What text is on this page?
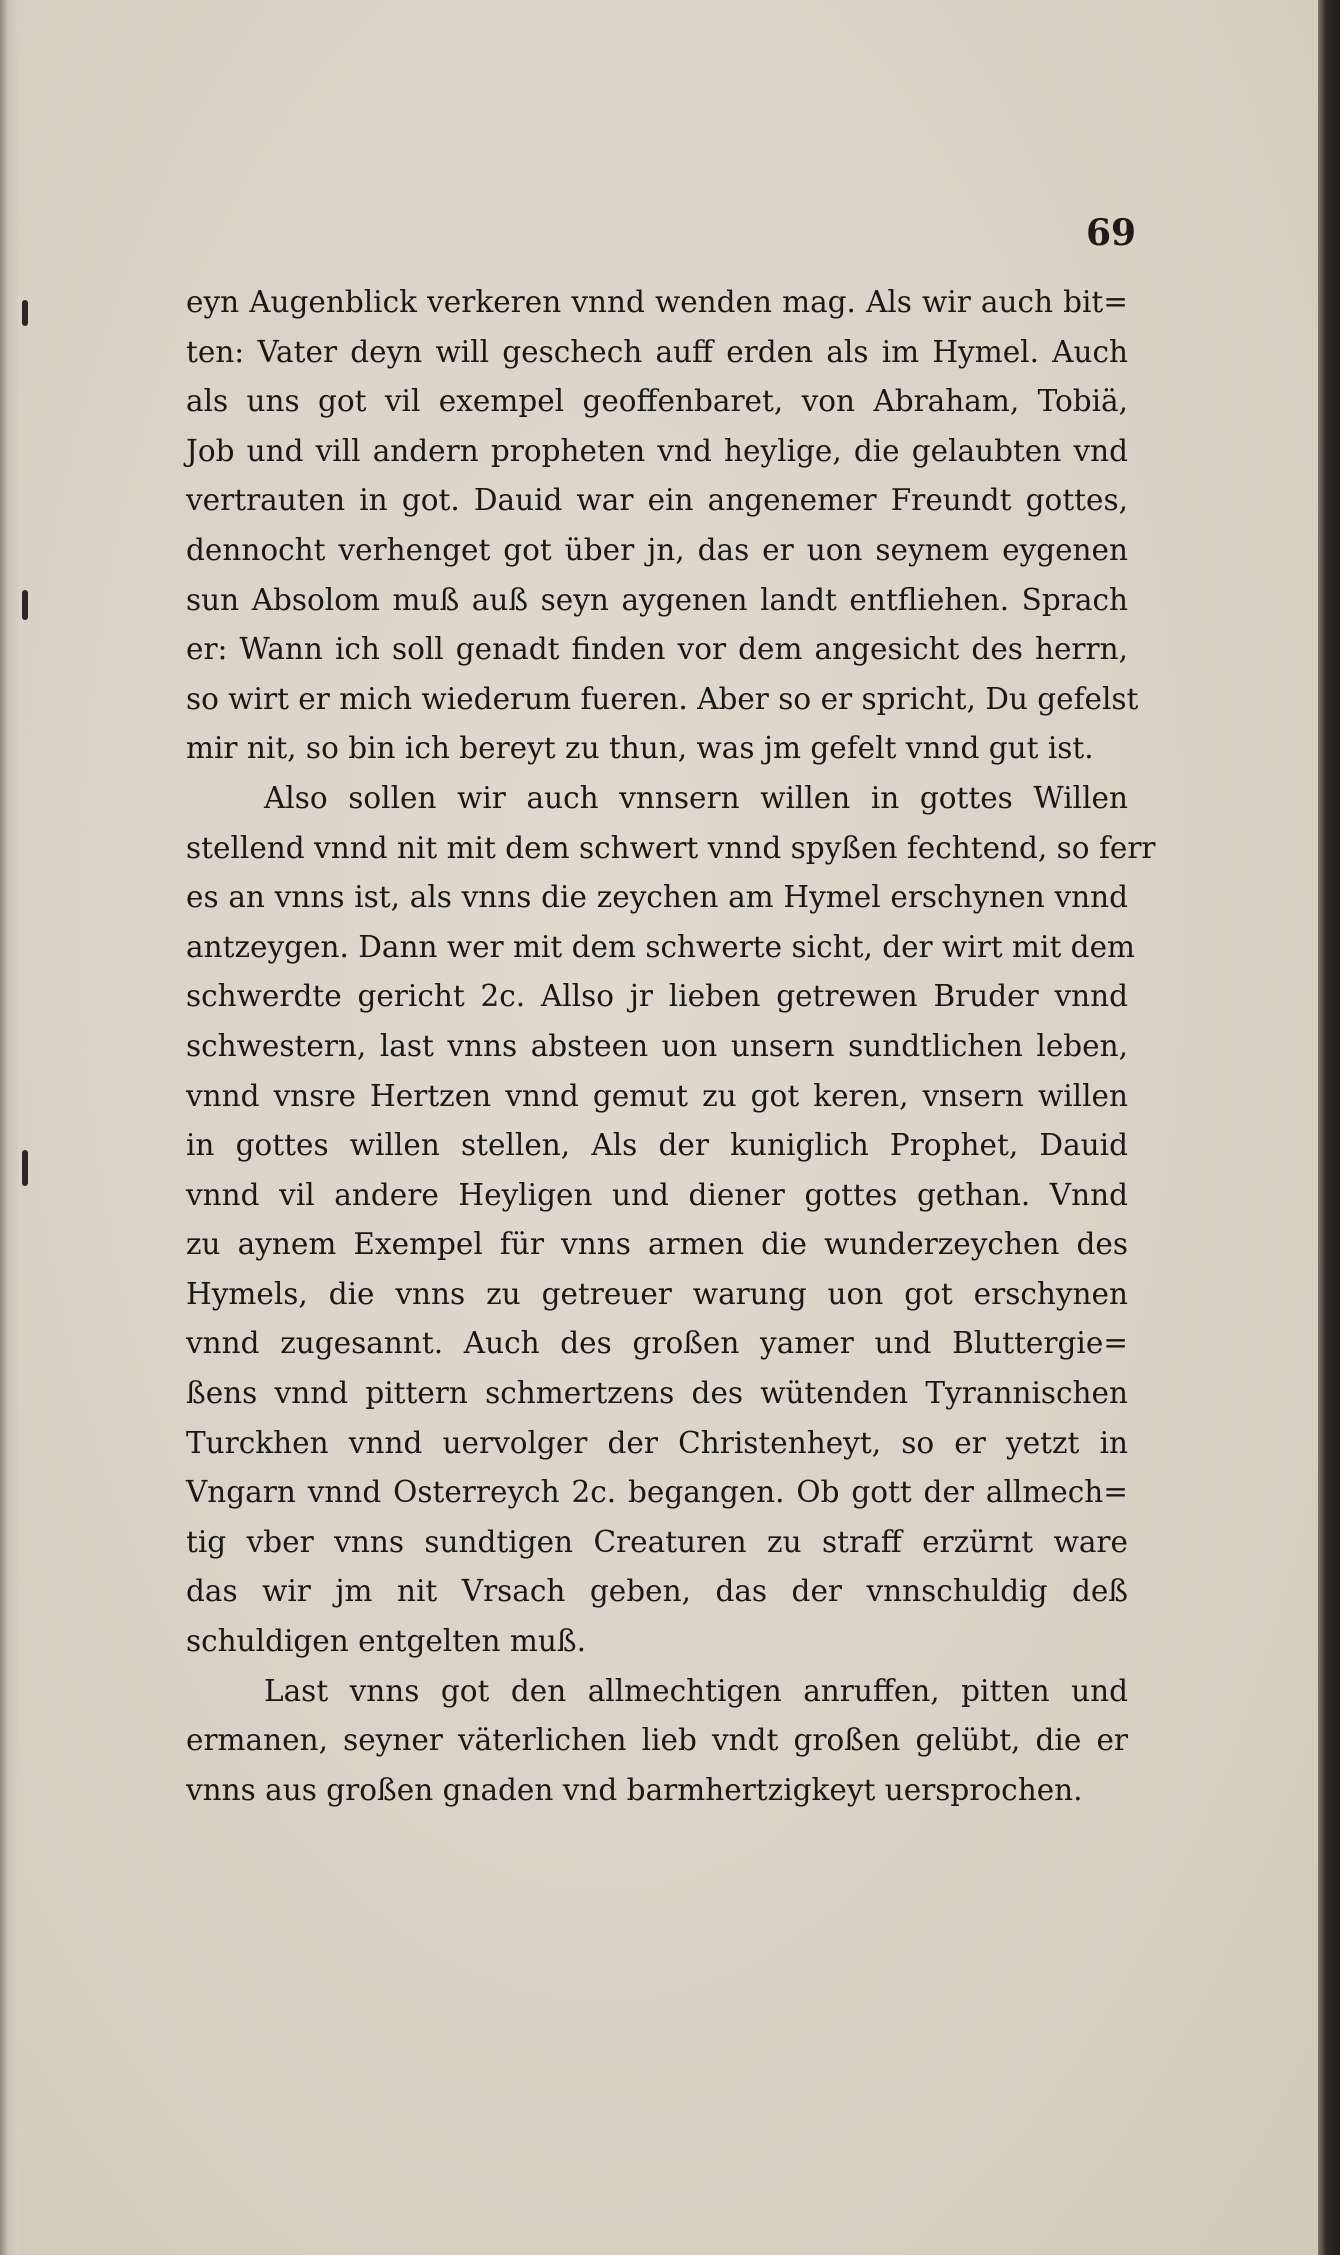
69
eyn Augenblick verkeren vnnd wenden mag. Als wir auch bit=
ten: Vater deyn will geschech auff erden als im Hymel. Auch
als uns got vil exempel geoffenbaret, von Abraham, Tobiä,
Job und vill andern propheten vnd heylige, die gelaubten vnd
vertrauten in got. Dauid war ein angenemer Freundt gottes,
dennocht verhenget got über jn, das er uon seynem eygenen
sun Absolom muß auß seyn aygenen landt entfliehen. Sprach
er: Wann ich soll genadt finden vor dem angesicht des herrn,
so wirt er mich wiederum fueren. Aber so er spricht, Du gefelst
mir nit, so bin ich bereyt zu thun, was jm gefelt vnnd gut ist.
Also sollen wir auch vnnsern willen in gottes Willen
stellend vnnd nit mit dem schwert vnnd spyßen fechtend, so ferr
es an vnns ist, als vnns die zeychen am Hymel erschynen vnnd
antzeygen. Dann wer mit dem schwerte sicht, der wirt mit dem
schwerdte gericht 2c. Allso jr lieben getrewen Bruder vnnd
schwestern, last vnns absteen uon unsern sundtlichen leben,
vnnd vnsre Hertzen vnnd gemut zu got keren, vnsern willen
in gottes willen stellen, Als der kuniglich Prophet, Dauid
vnnd vil andere Heyligen und diener gottes gethan. Vnnd
zu aynem Exempel für vnns armen die wunderzeychen des
Hymels, die vnns zu getreuer warung uon got erschynen
vnnd zugesannt. Auch des großen yamer und Bluttergie=
ßens vnnd pittern schmertzens des wütenden Tyrannischen
Turckhen vnnd uervolger der Christenheyt, so er yetzt in
Vngarn vnnd Osterreych 2c. begangen. Ob gott der allmech=
tig vber vnns sundtigen Creaturen zu straff erzürnt ware
das wir jm nit Vrsach geben, das der vnnschuldig deß
schuldigen entgelten muß.
Last vnns got den allmechtigen anruffen, pitten und
ermanen, seyner väterlichen lieb vndt großen gelübt, die er
vnns aus großen gnaden vnd barmhertzigkeyt uersprochen.
